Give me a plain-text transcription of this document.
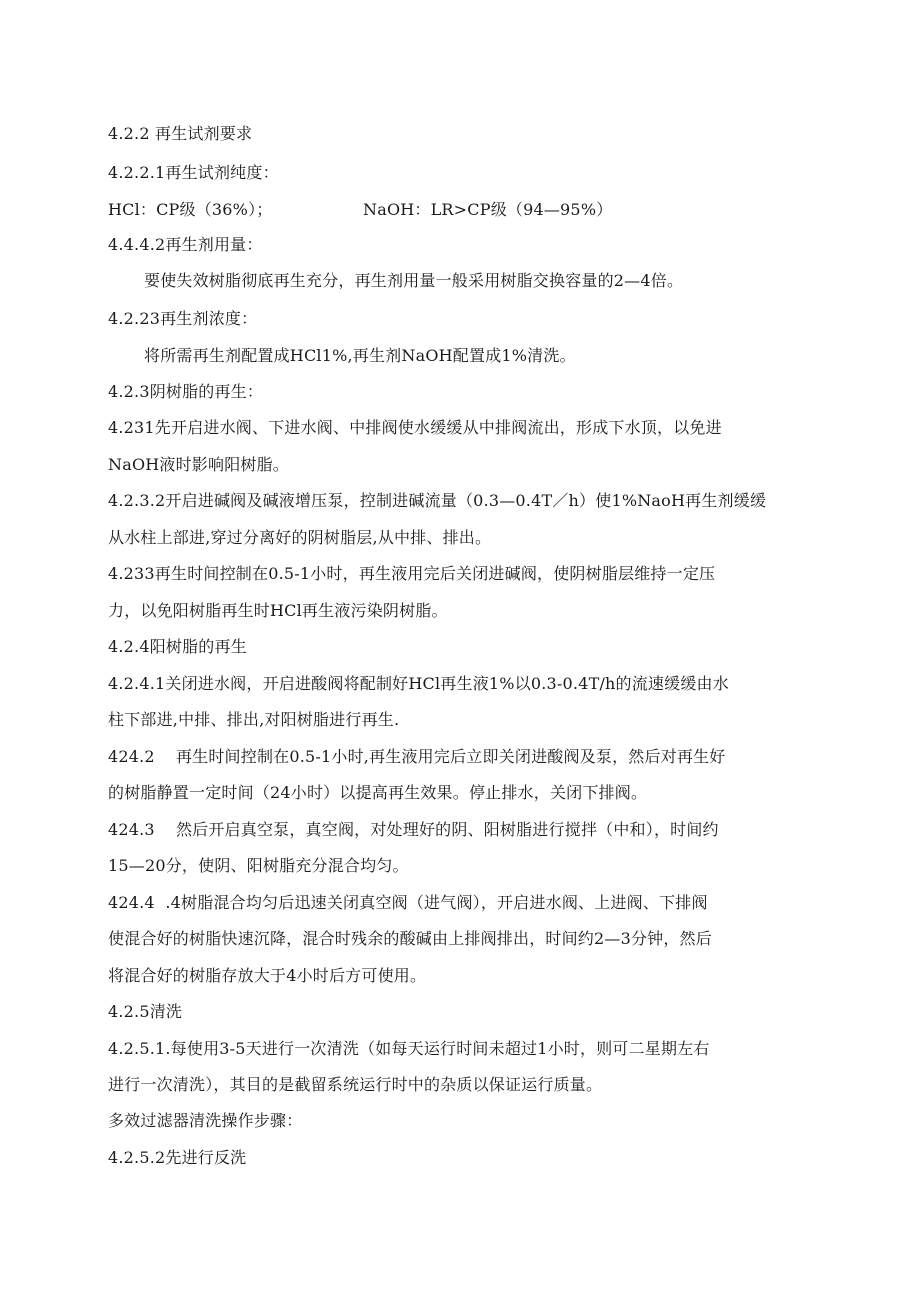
4.2.2 再生试剂要求
4.2.2.1再生试剂纯度：
HCl：CP级（36%）；	NaOH：LR>CP级（94—95%）
4.4.4.2再生剂用量：
要使失效树脂彻底再生充分，再生剂用量一般采用树脂交换容量的2—4倍。
4.2.23再生剂浓度：
将所需再生剂配置成HCl1%,再生剂NaOH配置成1%清洗。
4.2.3阴树脂的再生：
4.231先开启进水阀、下进水阀、中排阀使水缓缓从中排阀流出，形成下水顶，以免进
NaOH液时影响阳树脂。
4.2.3.2开启进碱阀及碱液增压泵，控制进碱流量（0.3—0.4T／h）使1%NaoH再生剂缓缓
从水柱上部进,穿过分离好的阴树脂层,从中排、排出。
4.233再生时间控制在0.5-1小时，再生液用完后关闭进碱阀，使阴树脂层维持一定压
力，以免阳树脂再生时HCl再生液污染阴树脂。
4.2.4阳树脂的再生
4.2.4.1关闭进水阀，开启进酸阀将配制好HCl再生液1%以0.3-0.4T/h的流速缓缓由水
柱下部进,中排、排出,对阳树脂进行再生.
424.2    再生时间控制在0.5-1小时,再生液用完后立即关闭进酸阀及泵，然后对再生好
的树脂静置一定时间（24小时）以提高再生效果。停止排水，关闭下排阀。
424.3    然后开启真空泵，真空阀，对处理好的阴、阳树脂进行搅拌（中和），时间约
15—20分，使阴、阳树脂充分混合均匀。
424.4  .4树脂混合均匀后迅速关闭真空阀（进气阀），开启进水阀、上进阀、下排阀
使混合好的树脂快速沉降，混合时残余的酸碱由上排阀排出，时间约2—3分钟，然后
将混合好的树脂存放大于4小时后方可使用。
4.2.5清洗
4.2.5.1.每使用3-5天进行一次清洗（如每天运行时间未超过1小时，则可二星期左右
进行一次清洗），其目的是截留系统运行时中的杂质以保证运行质量。
多效过滤器清洗操作步骤：
4.2.5.2先进行反洗
